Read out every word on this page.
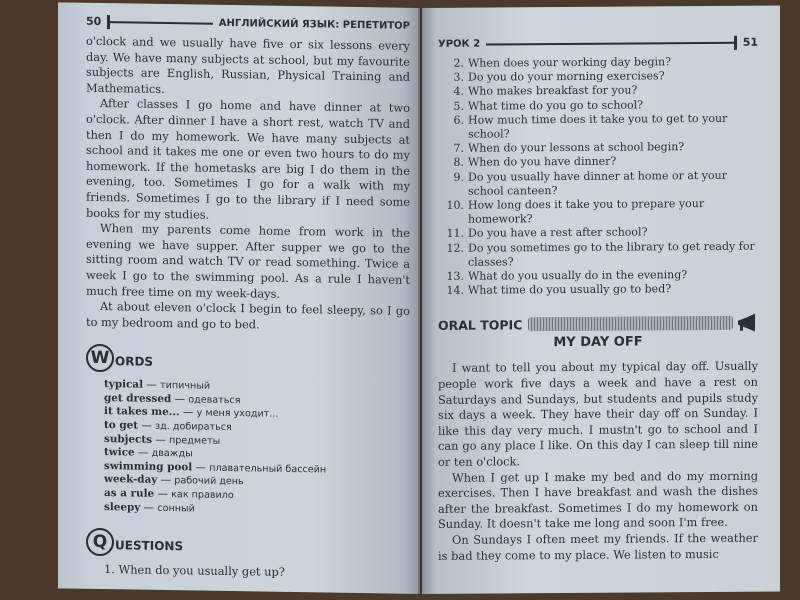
50	АНГЛИЙСКИЙ ЯЗЫК: РЕПЕТИТОР

o'clock and we usually have five or six lessons every day. We have many subjects at school, but my favourite subjects are English, Russian, Physical Training and Mathematics.

After classes I go home and have dinner at two o'clock. After dinner I have a short rest, watch TV and then I do my homework. We have many subjects at school and it takes me one or even two hours to do my homework. If the hometasks are big I do them in the evening, too. Sometimes I go for a walk with my friends. Sometimes I go to the library if I need some books for my studies.

When my parents come home from work in the evening we have supper. After supper we go to the sitting room and watch TV or read something. Twice a week I go to the swimming pool. As a rule I haven't much free time on my week-days.

At about eleven o'clock I begin to feel sleepy, so I go to my bedroom and go to bed.

W ORDS
typical — типичный
get dressed — одеваться
it takes me... — у меня уходит...
to get — зд. добираться
subjects — предметы
twice — дважды
swimming pool — плавательный бассейн
week-day — рабочий день
as a rule — как правило
sleepy — сонный
Q UESTIONS
1. When do you usually get up?
УРОК 2	51
2. When does your working day begin?
3. Do you do your morning exercises?
4. Who makes breakfast for you?
5. What time do you go to school?
6. How much time does it take you to get to your school?
7. When do your lessons at school begin?
8. When do you have dinner?
9. Do you usually have dinner at home or at your school canteen?
10. How long does it take you to prepare your homework?
11. Do you have a rest after school?
12. Do you sometimes go to the library to get ready for classes?
13. What do you usually do in the evening?
14. What time do you usually go to bed?
ORAL TOPIC
MY DAY OFF

I want to tell you about my typical day off. Usually people work five days a week and have a rest on Saturdays and Sundays, but students and pupils study six days a week. They have their day off on Sunday. I like this day very much. I mustn't go to school and I can go any place I like. On this day I can sleep till nine or ten o'clock.

When I get up I make my bed and do my morning exercises. Then I have breakfast and wash the dishes after the breakfast. Sometimes I do my homework on Sunday. It doesn't take me long and soon I'm free.

On Sundays I often meet my friends. If the weather is bad they come to my place. We listen to music
